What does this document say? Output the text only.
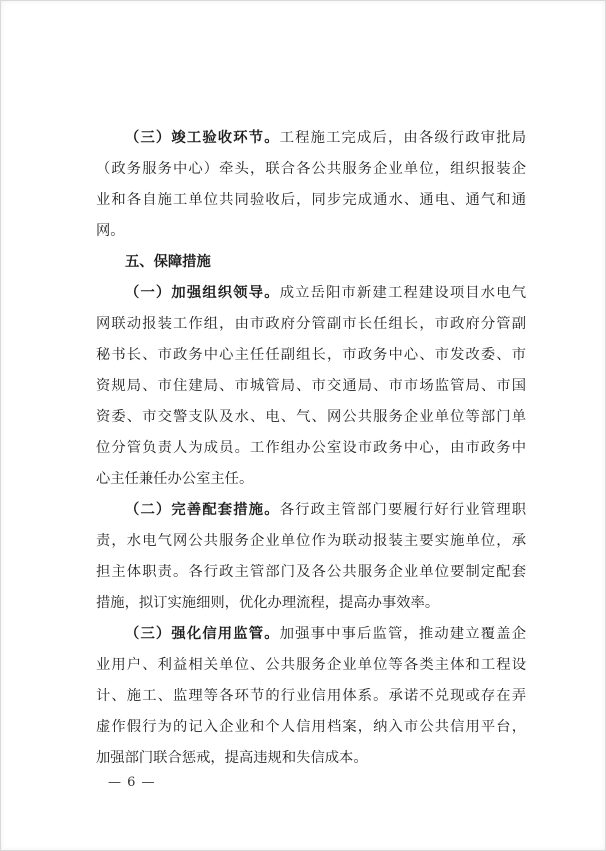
（三）竣工验收环节。工程施工完成后，由各级行政审批局
（政务服务中心）牵头，联合各公共服务企业单位，组织报装企
业和各自施工单位共同验收后，同步完成通水、通电、通气和通
网。
五、保障措施
（一）加强组织领导。成立岳阳市新建工程建设项目水电气
网联动报装工作组，由市政府分管副市长任组长，市政府分管副
秘书长、市政务中心主任任副组长，市政务中心、市发改委、市
资规局、市住建局、市城管局、市交通局、市市场监管局、市国
资委、市交警支队及水、电、气、网公共服务企业单位等部门单
位分管负责人为成员。工作组办公室设市政务中心，由市政务中
心主任兼任办公室主任。
（二）完善配套措施。各行政主管部门要履行好行业管理职
责，水电气网公共服务企业单位作为联动报装主要实施单位，承
担主体职责。各行政主管部门及各公共服务企业单位要制定配套
措施，拟订实施细则，优化办理流程，提高办事效率。
（三）强化信用监管。加强事中事后监管，推动建立覆盖企
业用户、利益相关单位、公共服务企业单位等各类主体和工程设
计、施工、监理等各环节的行业信用体系。承诺不兑现或存在弄
虚作假行为的记入企业和个人信用档案，纳入市公共信用平台，
加强部门联合惩戒，提高违规和失信成本。
— 6 —
